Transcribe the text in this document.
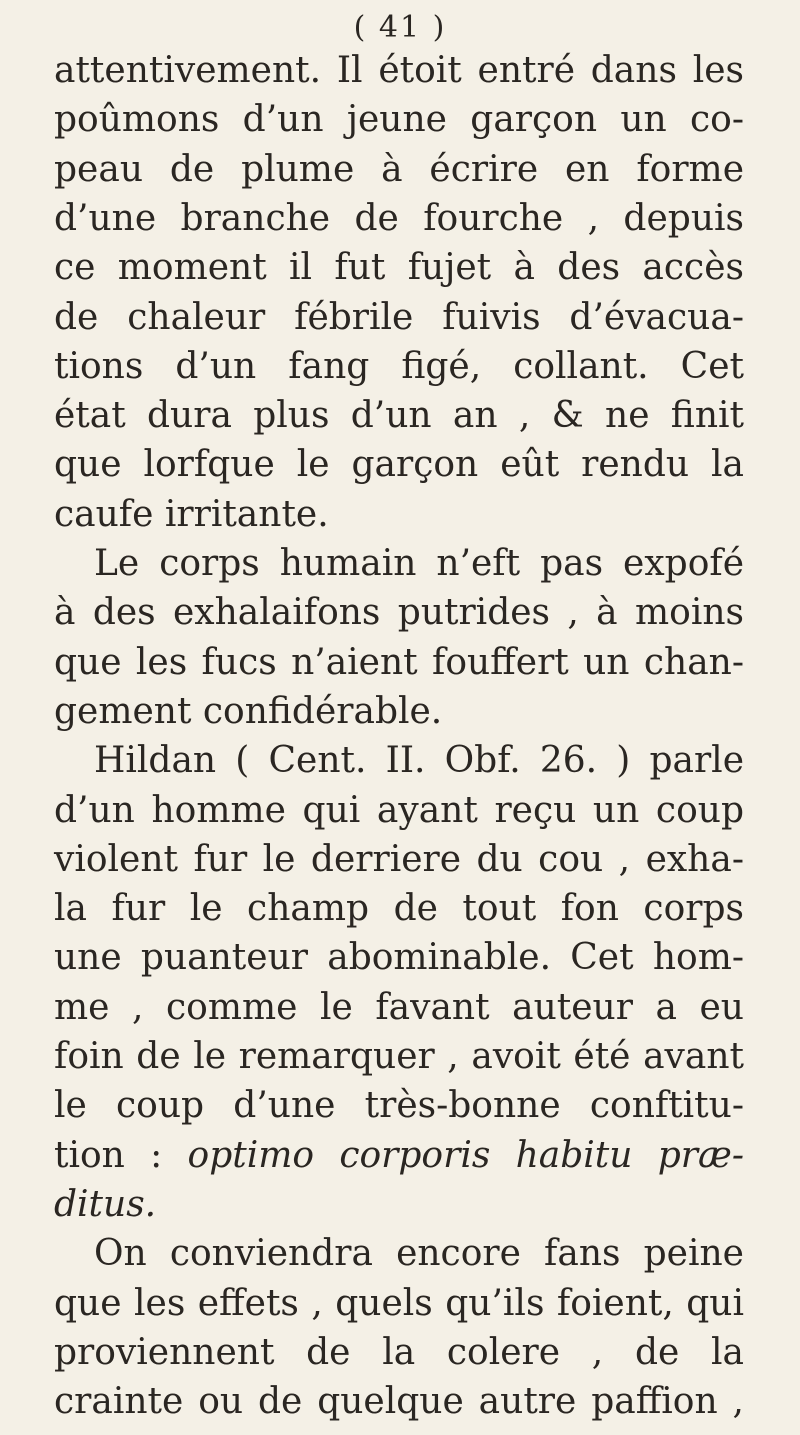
( 41 )
attentivement. Il étoit entré dans les
poûmons d’un jeune garçon un co-
peau de plume à écrire en forme
d’une branche de fourche , depuis
ce moment il fut fujet à des accès
de chaleur fébrile fuivis d’évacua-
tions d’un fang figé, collant. Cet
état dura plus d’un an , & ne finit
que lorfque le garçon eût rendu la
caufe irritante.
Le corps humain n’eft pas expofé
à des exhalaifons putrides , à moins
que les fucs n’aient fouffert un chan-
gement confidérable.
Hildan ( Cent. II. Obf. 26. ) parle
d’un homme qui ayant reçu un coup
violent fur le derriere du cou , exha-
la fur le champ de tout fon corps
une puanteur abominable. Cet hom-
me , comme le favant auteur a eu
foin de le remarquer , avoit été avant
le coup d’une très-bonne conftitu-
tion : optimo corporis habitu præ-
ditus.
On conviendra encore fans peine
que les effets , quels qu’ils foient, qui
proviennent de la colere , de la
crainte ou de quelque autre paffion ,
